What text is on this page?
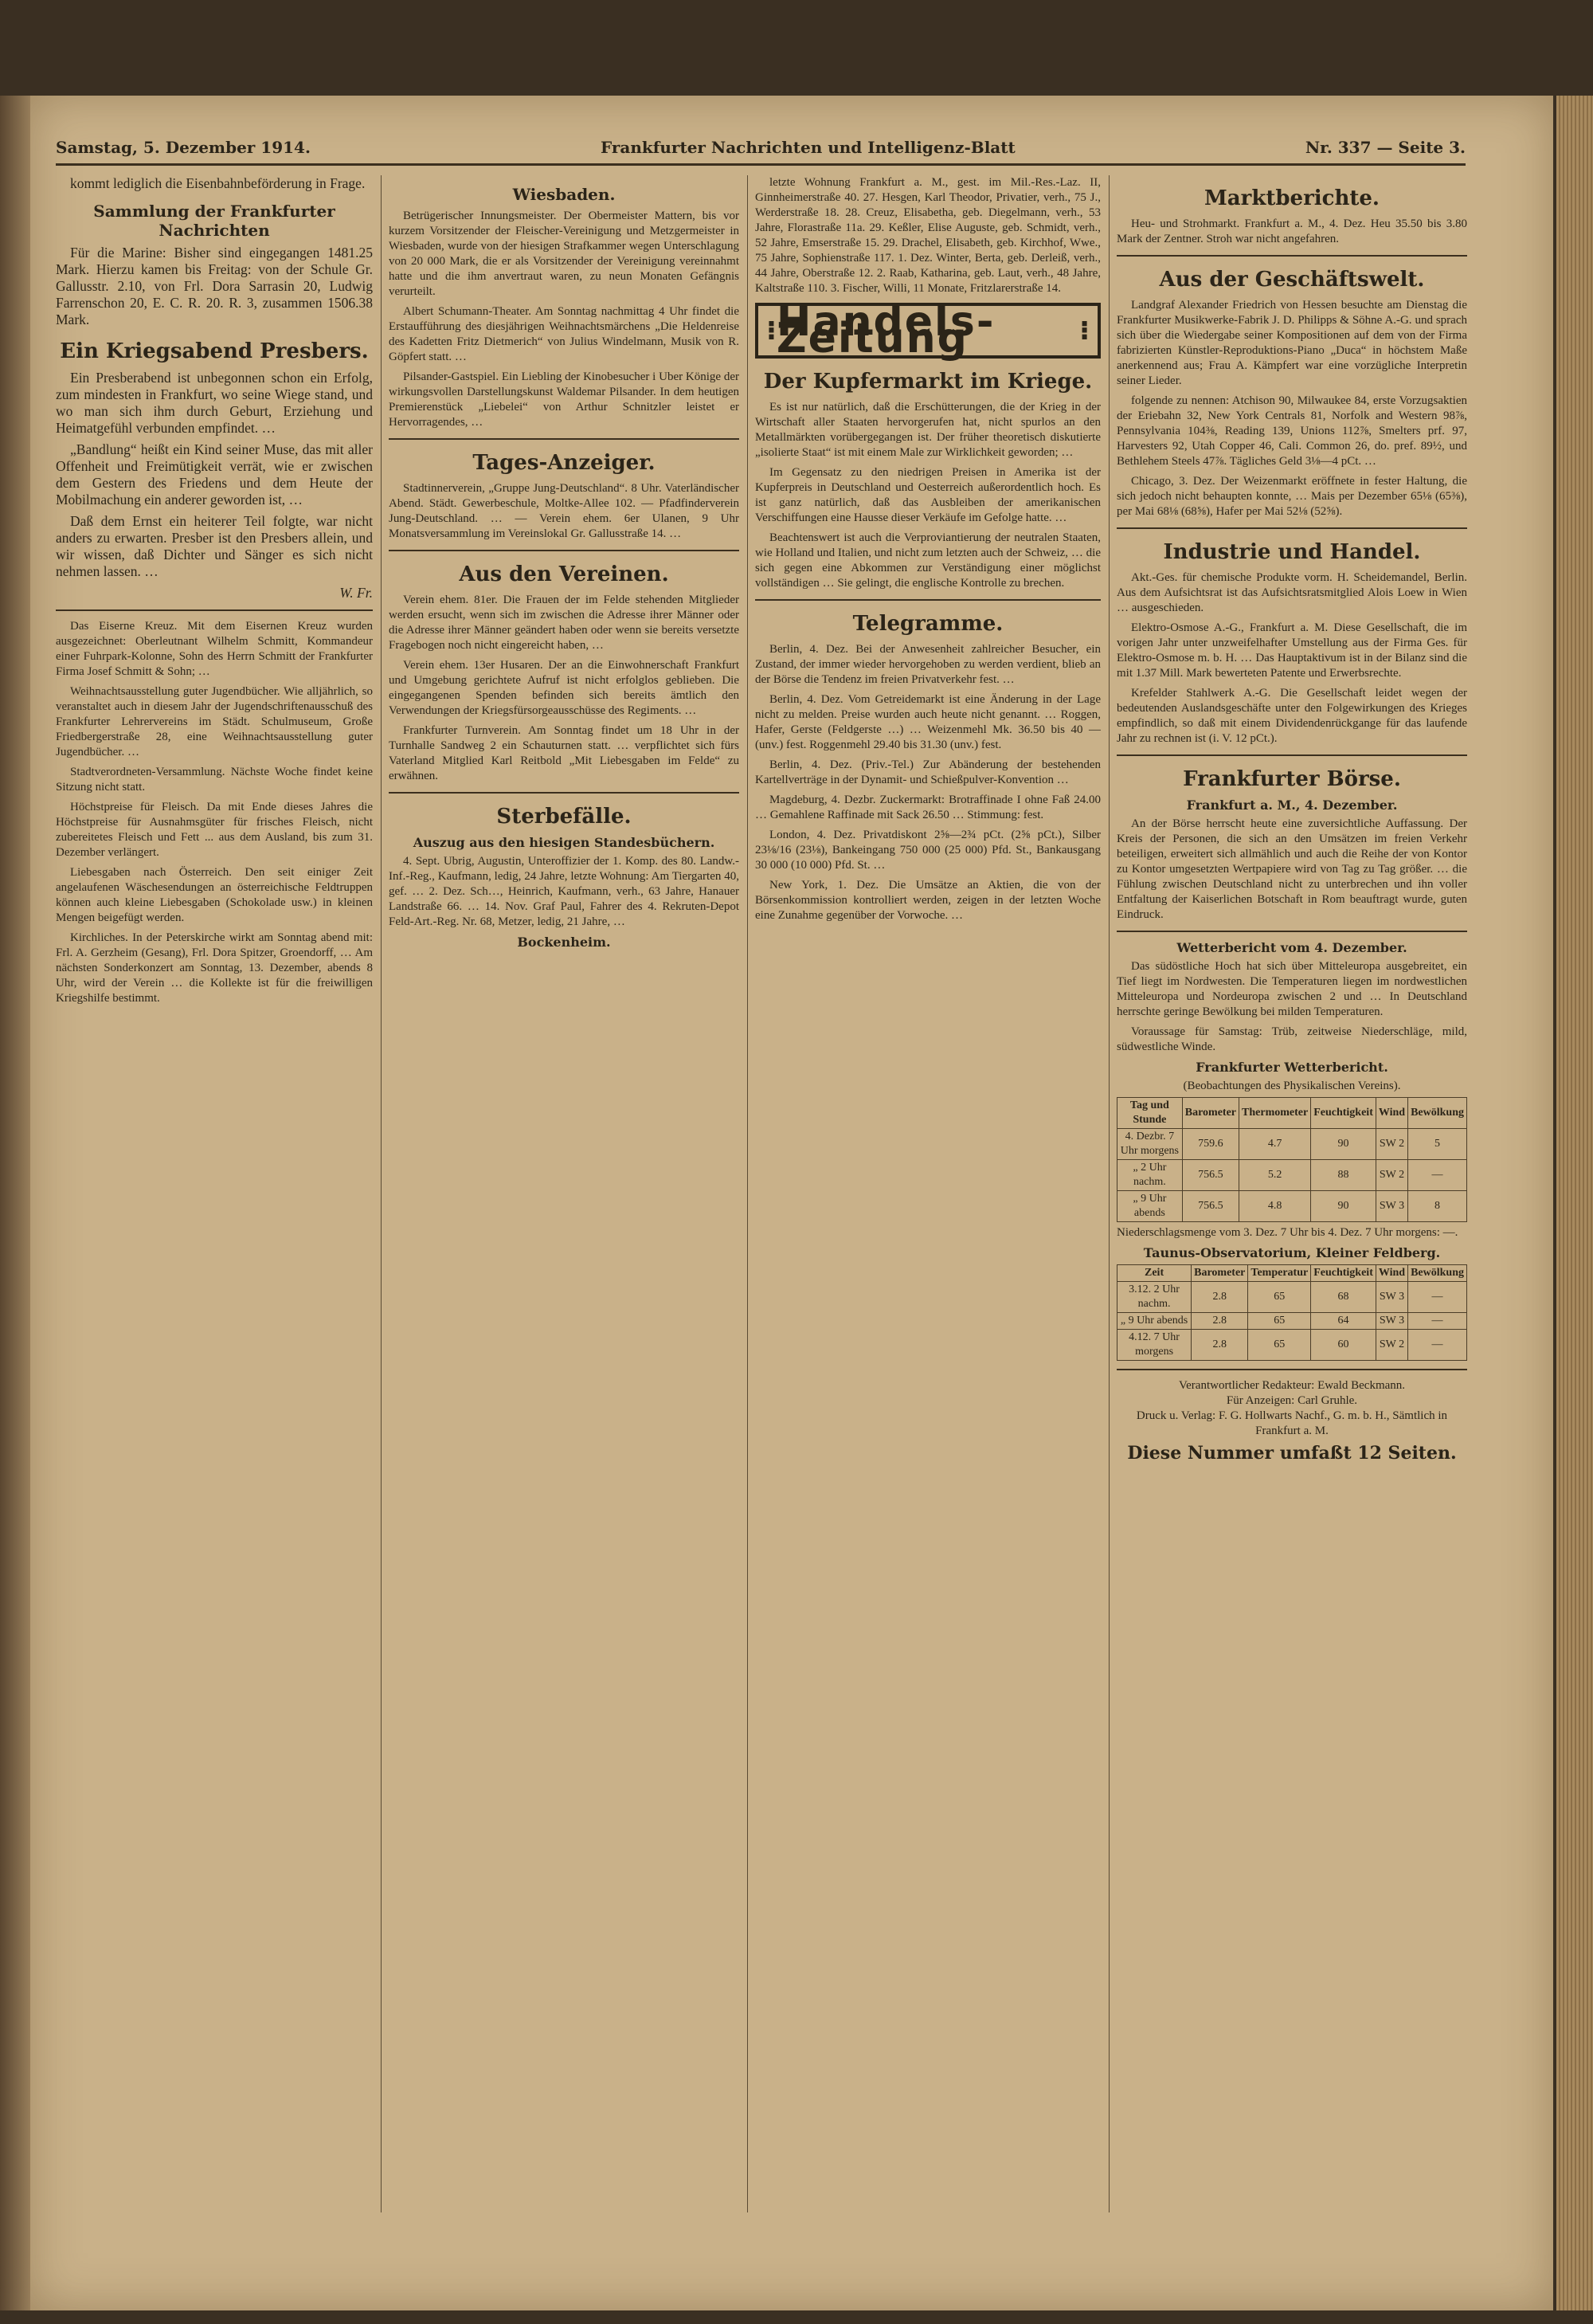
Samstag, 5. Dezember 1914.	Frankfurter Nachrichten und Intelligenz-Blatt	Nr. 337 — Seite 3.

kommt lediglich die Eisenbahnbeförderung in Frage.

Sammlung der Frankfurter Nachrichten

Für die Marine: Bisher sind eingegangen 1481.25 Mark. Hierzu kamen bis Freitag: von der Schule Gr. Gallusstr. 2.10, von Frl. Dora Sarrasin 20, Ludwig Farrenschon 20, E. C. R. 20. R. 3, zusammen 1506.38 Mark.

Ein Kriegsabend Presbers.

Ein Presberabend ist unbegonnen schon ein Erfolg, zum mindesten in Frankfurt, wo seine Wiege stand, und wo man sich ihm durch Geburt, Erziehung und Heimatgefühl verbunden empfindet. …

„Bandlung“ heißt ein Kind seiner Muse, das mit aller Offenheit und Freimütigkeit verrät, wie er zwischen dem Gestern des Friedens und dem Heute der Mobilmachung ein anderer geworden ist, …

Daß dem Ernst ein heiterer Teil folgte, war nicht anders zu erwarten. Presber ist den Presbers allein, und wir wissen, daß Dichter und Sänger es sich nicht nehmen lassen. …

W. Fr.

Das Eiserne Kreuz. Mit dem Eisernen Kreuz wurden ausgezeichnet: Oberleutnant Wilhelm Schmitt, Kommandeur einer Fuhrpark-Kolonne, Sohn des Herrn Schmitt der Frankfurter Firma Josef Schmitt & Sohn; …

Weihnachtsausstellung guter Jugendbücher. Wie alljährlich, so veranstaltet auch in diesem Jahr der Jugendschriftenausschuß des Frankfurter Lehrervereins im Städt. Schulmuseum, Große Friedbergerstraße 28, eine Weihnachtsausstellung guter Jugendbücher. …

Stadtverordneten-Versammlung. Nächste Woche findet keine Sitzung nicht statt.

Höchstpreise für Fleisch. Da mit Ende dieses Jahres die Höchstpreise für Ausnahmsgüter für frisches Fleisch, nicht zubereitetes Fleisch und Fett ... aus dem Ausland, bis zum 31. Dezember verlängert.

Liebesgaben nach Österreich. Den seit einiger Zeit angelaufenen Wäschesendungen an österreichische Feldtruppen können auch kleine Liebesgaben (Schokolade usw.) in kleinen Mengen beigefügt werden.

Kirchliches. In der Peterskirche wirkt am Sonntag abend mit: Frl. A. Gerzheim (Gesang), Frl. Dora Spitzer, Groendorff, … Am nächsten Sonderkonzert am Sonntag, 13. Dezember, abends 8 Uhr, wird der Verein … die Kollekte ist für die freiwilligen Kriegshilfe bestimmt.

Wiesbaden.

Betrügerischer Innungsmeister. Der Obermeister Mattern, bis vor kurzem Vorsitzender der Fleischer-Vereinigung und Metzgermeister in Wiesbaden, wurde von der hiesigen Strafkammer wegen Unterschlagung von 20 000 Mark, die er als Vorsitzender der Vereinigung vereinnahmt hatte und die ihm anvertraut waren, zu neun Monaten Gefängnis verurteilt.

Albert Schumann-Theater. Am Sonntag nachmittag 4 Uhr findet die Erstaufführung des diesjährigen Weihnachtsmärchens „Die Heldenreise des Kadetten Fritz Dietmerich“ von Julius Windelmann, Musik von R. Göpfert statt. …

Pilsander-Gastspiel. Ein Liebling der Kinobesucher i Uber Könige der wirkungsvollen Darstellungskunst Waldemar Pilsander. In dem heutigen Premierenstück „Liebelei“ von Arthur Schnitzler leistet er Hervorragendes, …

Tages-Anzeiger.

Stadtinnerverein, „Gruppe Jung-Deutschland“. 8 Uhr. Vaterländischer Abend. Städt. Gewerbeschule, Moltke-Allee 102. — Pfadfinderverein Jung-Deutschland. … — Verein ehem. 6er Ulanen, 9 Uhr Monatsversammlung im Vereinslokal Gr. Gallusstraße 14. …

Aus den Vereinen.

Verein ehem. 81er. Die Frauen der im Felde stehenden Mitglieder werden ersucht, wenn sich im zwischen die Adresse ihrer Männer oder die Adresse ihrer Männer geändert haben oder wenn sie bereits versetzte Fragebogen noch nicht eingereicht haben, …

Verein ehem. 13er Husaren. Der an die Einwohnerschaft Frankfurt und Umgebung gerichtete Aufruf ist nicht erfolglos geblieben. Die eingegangenen Spenden befinden sich bereits ämtlich den Verwendungen der Kriegsfürsorgeausschüsse des Regiments. …

Frankfurter Turnverein. Am Sonntag findet um 18 Uhr in der Turnhalle Sandweg 2 ein Schauturnen statt. … verpflichtet sich fürs Vaterland Mitglied Karl Reitbold „Mit Liebesgaben im Felde“ zu erwähnen.

Sterbefälle.
Auszug aus den hiesigen Standesbüchern.

4. Sept. Ubrig, Augustin, Unteroffizier der 1. Komp. des 80. Landw.-Inf.-Reg., Kaufmann, ledig, 24 Jahre, letzte Wohnung: Am Tiergarten 40, gef. … 2. Dez. Sch…, Heinrich, Kaufmann, verh., 63 Jahre, Hanauer Landstraße 66. … 14. Nov. Graf Paul, Fahrer des 4. Rekruten-Depot Feld-Art.-Reg. Nr. 68, Metzer, ledig, 21 Jahre, …

Bockenheim.

letzte Wohnung Frankfurt a. M., gest. im Mil.-Res.-Laz. II, Ginnheimerstraße 40. 27. Hesgen, Karl Theodor, Privatier, verh., 75 J., Werderstraße 18. 28. Creuz, Elisabetha, geb. Diegelmann, verh., 53 Jahre, Florastraße 11a. 29. Keßler, Elise Auguste, geb. Schmidt, verh., 52 Jahre, Emserstraße 15. 29. Drachel, Elisabeth, geb. Kirchhof, Wwe., 75 Jahre, Sophienstraße 117. 1. Dez. Winter, Berta, geb. Derleiß, verh., 44 Jahre, Oberstraße 12. 2. Raab, Katharina, geb. Laut, verh., 48 Jahre, Kaltstraße 110. 3. Fischer, Willi, 11 Monate, Fritzlarerstraße 14.

⁝ Handels-Zeitung	⁝
Der Kupfermarkt im Kriege.

Es ist nur natürlich, daß die Erschütterungen, die der Krieg in der Wirtschaft aller Staaten hervorgerufen hat, nicht spurlos an den Metallmärkten vorübergegangen ist. Der früher theoretisch diskutierte „isolierte Staat“ ist mit einem Male zur Wirklichkeit geworden; …

Im Gegensatz zu den niedrigen Preisen in Amerika ist der Kupferpreis in Deutschland und Oesterreich außerordentlich hoch. Es ist ganz natürlich, daß das Ausbleiben der amerikanischen Verschiffungen eine Hausse dieser Verkäufe im Gefolge hatte. …

Beachtenswert ist auch die Verproviantierung der neutralen Staaten, wie Holland und Italien, und nicht zum letzten auch der Schweiz, … die sich gegen eine Abkommen zur Verständigung einer möglichst vollständigen … Sie gelingt, die englische Kontrolle zu brechen.

Telegramme.

Berlin, 4. Dez. Bei der Anwesenheit zahlreicher Besucher, ein Zustand, der immer wieder hervorgehoben zu werden verdient, blieb an der Börse die Tendenz im freien Privatverkehr fest. …

Berlin, 4. Dez. Vom Getreidemarkt ist eine Änderung in der Lage nicht zu melden. Preise wurden auch heute nicht genannt. … Roggen, Hafer, Gerste (Feldgerste …) … Weizenmehl Mk. 36.50 bis 40 — (unv.) fest. Roggenmehl 29.40 bis 31.30 (unv.) fest.

Berlin, 4. Dez. (Priv.-Tel.) Zur Abänderung der bestehenden Kartellverträge in der Dynamit- und Schießpulver-Konvention …

Magdeburg, 4. Dezbr. Zuckermarkt: Brotraffinade I ohne Faß 24.00 … Gemahlene Raffinade mit Sack 26.50 … Stimmung: fest.

London, 4. Dez. Privatdiskont 2⅝—2¾ pCt. (2⅝ pCt.), Silber 23⅛/16 (23⅛), Bankeingang 750 000 (25 000) Pfd. St., Bankausgang 30 000 (10 000) Pfd. St. …

New York, 1. Dez. Die Umsätze an Aktien, die von der Börsenkommission kontrolliert werden, zeigen in der letzten Woche eine Zunahme gegenüber der Vorwoche. …

Marktberichte.

Heu- und Strohmarkt. Frankfurt a. M., 4. Dez. Heu 35.50 bis 3.80 Mark der Zentner. Stroh war nicht angefahren.

Aus der Geschäftswelt.

Landgraf Alexander Friedrich von Hessen besuchte am Dienstag die Frankfurter Musikwerke-Fabrik J. D. Philipps & Söhne A.-G. und sprach sich über die Wiedergabe seiner Kompositionen auf dem von der Firma fabrizierten Künstler-Reproduktions-Piano „Duca“ in höchstem Maße anerkennend aus; Frau A. Kämpfert war eine vorzügliche Interpretin seiner Lieder.

folgende zu nennen: Atchison 90, Milwaukee 84, erste Vorzugsaktien der Eriebahn 32, New York Centrals 81, Norfolk and Western 98⅞, Pennsylvania 104⅜, Reading 139, Unions 112⅞, Smelters prf. 97, Harvesters 92, Utah Copper 46, Cali. Common 26, do. pref. 89½, und Bethlehem Steels 47⅞. Tägliches Geld 3⅛—4 pCt. …

Chicago, 3. Dez. Der Weizenmarkt eröffnete in fester Haltung, die sich jedoch nicht behaupten konnte, … Mais per Dezember 65⅛ (65⅜), per Mai 68⅛ (68⅝), Hafer per Mai 52⅛ (52⅝).

Industrie und Handel.

Akt.-Ges. für chemische Produkte vorm. H. Scheidemandel, Berlin. Aus dem Aufsichtsrat ist das Aufsichtsratsmitglied Alois Loew in Wien … ausgeschieden.

Elektro-Osmose A.-G., Frankfurt a. M. Diese Gesellschaft, die im vorigen Jahr unter unzweifelhafter Umstellung aus der Firma Ges. für Elektro-Osmose m. b. H. … Das Hauptaktivum ist in der Bilanz sind die mit 1.37 Mill. Mark bewerteten Patente und Erwerbsrechte.

Krefelder Stahlwerk A.-G. Die Gesellschaft leidet wegen der bedeutenden Auslandsgeschäfte unter den Folgewirkungen des Krieges empfindlich, so daß mit einem Dividendenrückgange für das laufende Jahr zu rechnen ist (i. V. 12 pCt.).

Frankfurter Börse.
Frankfurt a. M., 4. Dezember.

An der Börse herrscht heute eine zuversichtliche Auffassung. Der Kreis der Personen, die sich an den Umsätzen im freien Verkehr beteiligen, erweitert sich allmählich und auch die Reihe der von Kontor zu Kontor umgesetzten Wertpapiere wird von Tag zu Tag größer. … die Fühlung zwischen Deutschland nicht zu unterbrechen und ihn voller Entfaltung der Kaiserlichen Botschaft in Rom beauftragt wurde, guten Eindruck.

Wetterbericht vom 4. Dezember.

Das südöstliche Hoch hat sich über Mitteleuropa ausgebreitet, ein Tief liegt im Nordwesten. Die Temperaturen liegen im nordwestlichen Mitteleuropa und Nordeuropa zwischen 2 und … In Deutschland herrschte geringe Bewölkung bei milden Temperaturen.

Voraussage für Samstag: Trüb, zeitweise Niederschläge, mild, südwestliche Winde.

Frankfurter Wetterbericht.
(Beobachtungen des Physikalischen Vereins).
Tag und Stunde	Barometer	Thermometer	Feuchtigkeit	Wind	Bewölkung
4. Dezbr. 7 Uhr morgens	759.6	4.7	90	SW 2	5
„ 2 Uhr nachm.	756.5	5.2	88	SW 2	—
„ 9 Uhr abends	756.5	4.8	90	SW 3	8
Niederschlagsmenge vom 3. Dez. 7 Uhr bis 4. Dez. 7 Uhr morgens: —.
Taunus-Observatorium, Kleiner Feldberg.
Zeit	Barometer	Temperatur	Feuchtigkeit	Wind	Bewölkung
3.12. 2 Uhr nachm.	2.8	65	68	SW 3	—
„ 9 Uhr abends	2.8	65	64	SW 3	—
4.12. 7 Uhr morgens	2.8	65	60	SW 2	—
Verantwortlicher Redakteur: Ewald Beckmann.
Für Anzeigen: Carl Gruhle.
Druck u. Verlag: F. G. Hollwarts Nachf., G. m. b. H., Sämtlich in Frankfurt a. M.
Diese Nummer umfaßt 12 Seiten.
